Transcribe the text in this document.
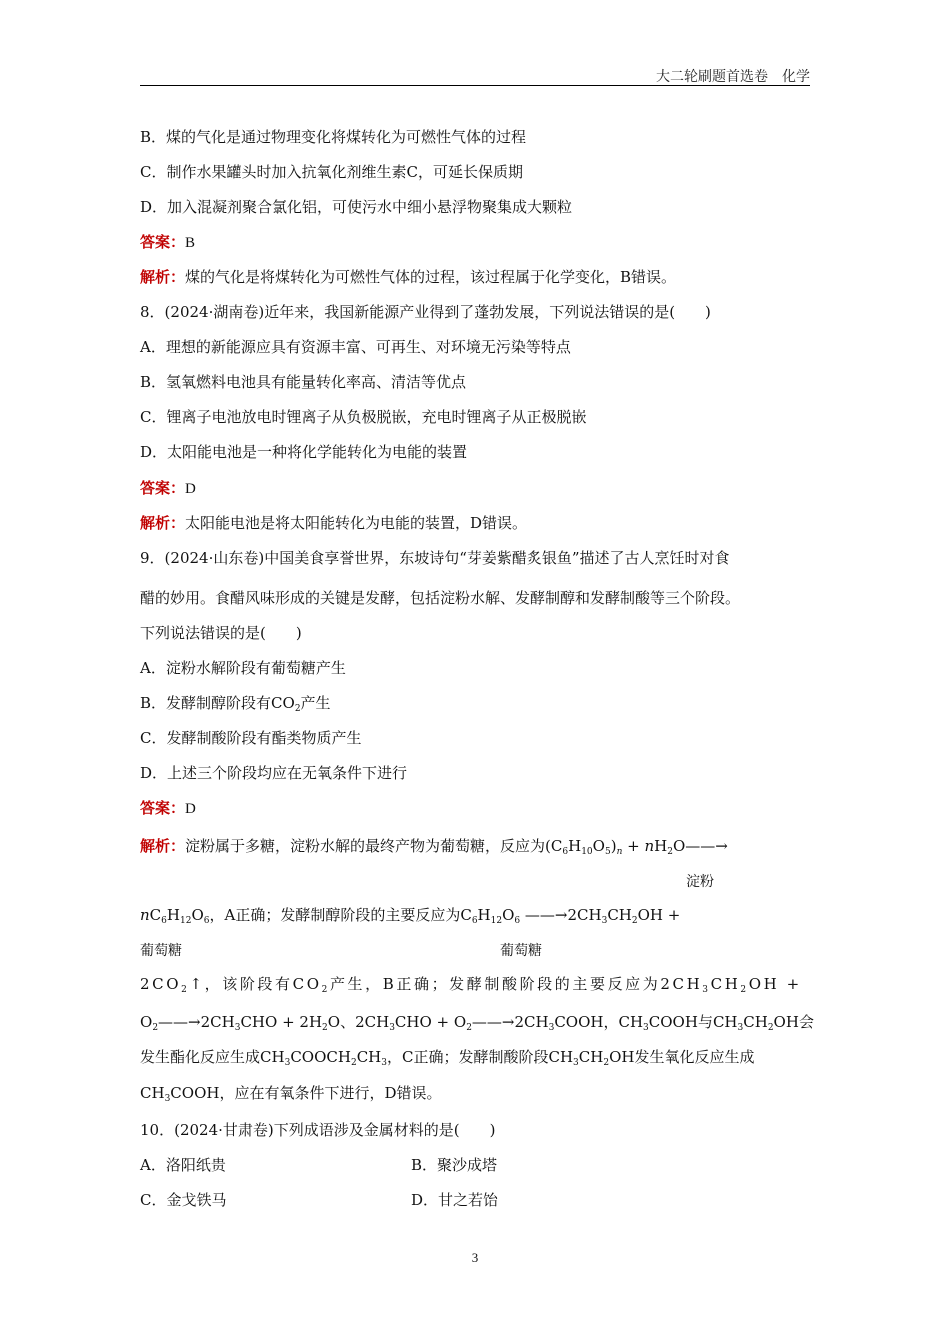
大二轮刷题首选卷　化学
B．煤的气化是通过物理变化将煤转化为可燃性气体的过程
C．制作水果罐头时加入抗氧化剂维生素C，可延长保质期
D．加入混凝剂聚合氯化铝，可使污水中细小悬浮物聚集成大颗粒
答案：B
解析：煤的气化是将煤转化为可燃性气体的过程，该过程属于化学变化，B错误。
8．(2024·湖南卷)近年来，我国新能源产业得到了蓬勃发展，下列说法错误的是(　　)
A．理想的新能源应具有资源丰富、可再生、对环境无污染等特点
B．氢氧燃料电池具有能量转化率高、清洁等优点
C．锂离子电池放电时锂离子从负极脱嵌，充电时锂离子从正极脱嵌
D．太阳能电池是一种将化学能转化为电能的装置
答案：D
解析：太阳能电池是将太阳能转化为电能的装置，D错误。
9．(2024·山东卷)中国美食享誉世界，东坡诗句“芽姜紫醋炙银鱼”描述了古人烹饪时对食
醋的妙用。食醋风味形成的关键是发酵，包括淀粉水解、发酵制醇和发酵制酸等三个阶段。
下列说法错误的是(　　)
A．淀粉水解阶段有葡萄糖产生
B．发酵制醇阶段有$CO_2$产生
C．发酵制酸阶段有酯类物质产生
D．上述三个阶段均应在无氧条件下进行
答案：D
解析：淀粉属于多糖，淀粉水解的最终产物为葡萄糖，反应为$(C_6H_{10}O_5)_n$ + $nH_2O——\to$
淀粉
$nC_6H_{12}O_6$，A正确；发酵制醇阶段的主要反应为$C_6H_{12}O_6$ $——\to 2CH_3CH_2OH$ +
葡萄糖	葡萄糖
$2CO_2↑$，该阶段有$CO_2$产生，B正确；发酵制酸阶段的主要反应为$2CH_3CH_2OH$ +
$O_2——\to 2CH_3CHO + 2H_2O$、$2CH_3CHO$ + $O_2——\to 2CH_3COOH$，$CH_3COOH$与$CH_3CH_2OH$会
发生酯化反应生成$CH_3COOCH_2CH_3$，C正确；发酵制酸阶段$CH_3CH_2OH$发生氧化反应生成
$CH_3COOH$，应在有氧条件下进行，D错误。
10．(2024·甘肃卷)下列成语涉及金属材料的是(　　)
A．洛阳纸贵	B．聚沙成塔
C．金戈铁马	D．甘之若饴
3
